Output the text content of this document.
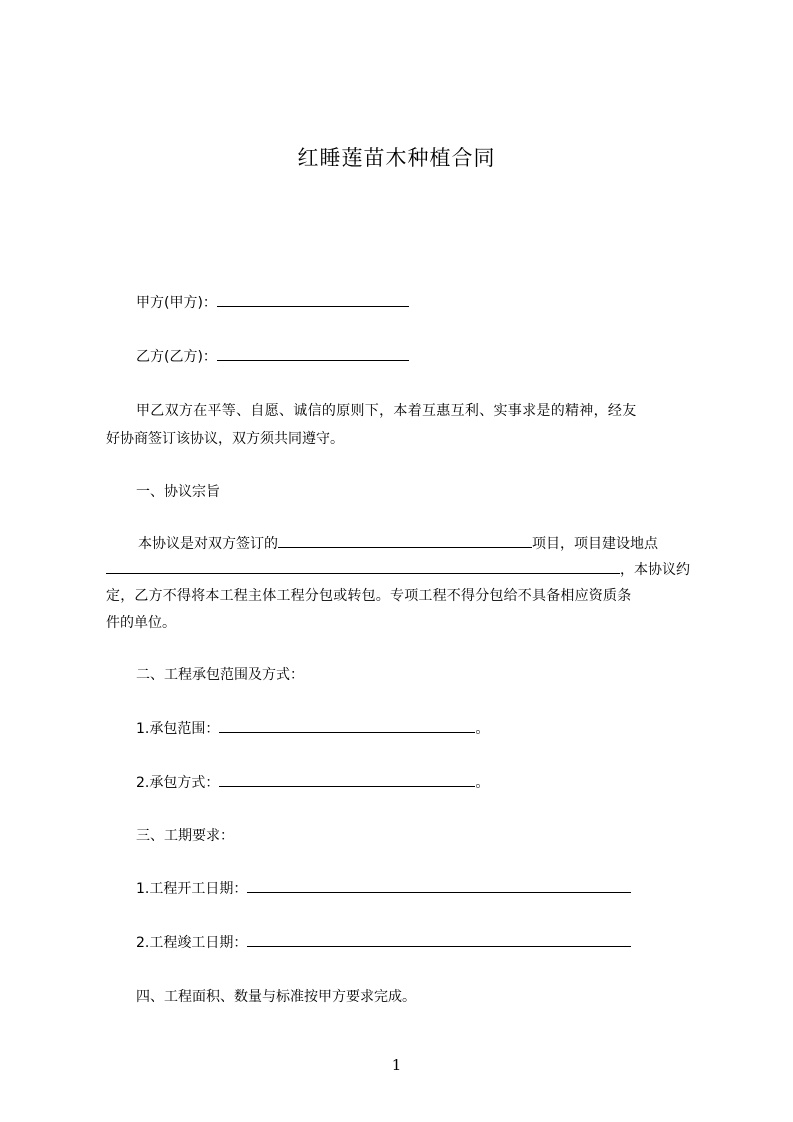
红睡莲苗木种植合同
甲方(甲方)：
乙方(乙方)：
甲乙双方在平等、自愿、诚信的原则下，本着互惠互利、实事求是的精神，经友
好协商签订该协议，双方须共同遵守。
一、协议宗旨
本协议是对双方签订的	项目，项目建设地点
，本协议约
定，乙方不得将本工程主体工程分包或转包。专项工程不得分包给不具备相应资质条
件的单位。
二、工程承包范围及方式：
1.承包范围：	。
2.承包方式：	。
三、工期要求：
1.工程开工日期：
2.工程竣工日期：
四、工程面积、数量与标准按甲方要求完成。
1
